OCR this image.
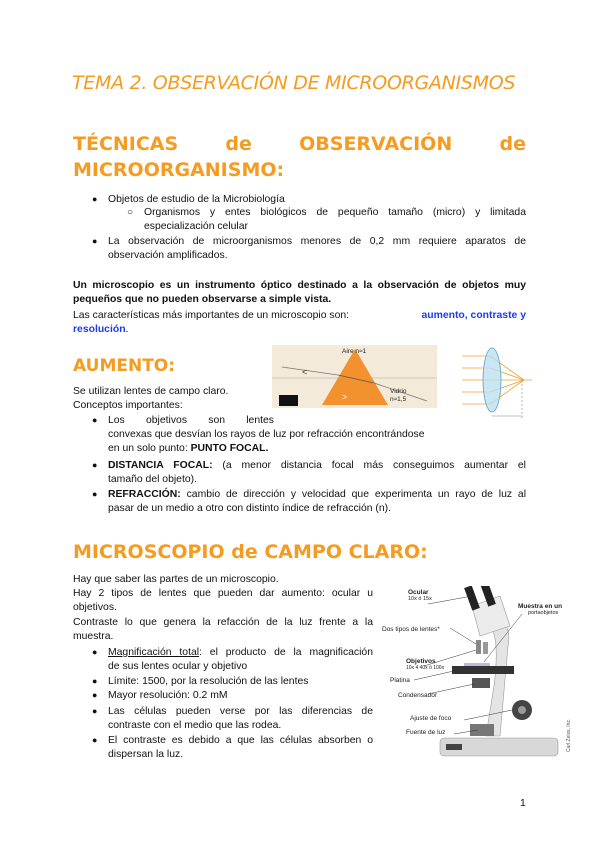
TEMA 2. OBSERVACIÓN DE MICROORGANISMOS
TÉCNICAS de OBSERVACIÓN de
MICROORGANISMO:
● Objetos de estudio de la Microbiología
○ Organismos y entes biológicos de pequeño tamaño (micro) y limitada
especialización celular
● La observación de microorganismos menores de 0,2 mm requiere aparatos de
observación amplificados.
Un microscopio es un instrumento óptico destinado a la observación de objetos muy
pequeños que no pueden observarse a simple vista.
Las características más importantes de un microscopio son:	aumento, contraste y
resolución.
AUMENTO:	<
>
Aire n≈1
Vidrio
n≈1,5
Se utilizan lentes de campo claro.
Conceptos importantes:
● Los objetivos son lentes
convexas que desvían los rayos de luz por refracción encontrándose
en un solo punto: PUNTO FOCAL.
● DISTANCIA FOCAL: (a menor distancia focal más conseguimos aumentar el
tamaño del objeto).
● REFRACCIÓN: cambio de dirección y velocidad que experimenta un rayo de luz al
pasar de un medio a otro con distinto índice de refracción (n).
MICROSCOPIO de CAMPO CLARO:
Hay que saber las partes de un microscopio.
Hay 2 tipos de lentes que pueden dar aumento: ocular u
objetivos.
Contraste lo que genera la refacción de la luz frente a la
muestra.
● Magnificación total: el producto de la magnificación
de sus lentes ocular y objetivo
● Límite: 1500, por la resolución de las lentes
● Mayor resolución: 0.2 mM
● Las células pueden verse por las diferencias de
contraste con el medio que las rodea.
● El contraste es debido a que las células absorben o
dispersan la luz.
Ocular
10x ó 15x
Dos tipos de lentes*
Muestra en un
portaobjetos
Objetivos
10x 4 40x ó 100x
Platina
Condensador
Ajuste de foco
Fuente de luz	Carl Zeiss, Inc.
1
